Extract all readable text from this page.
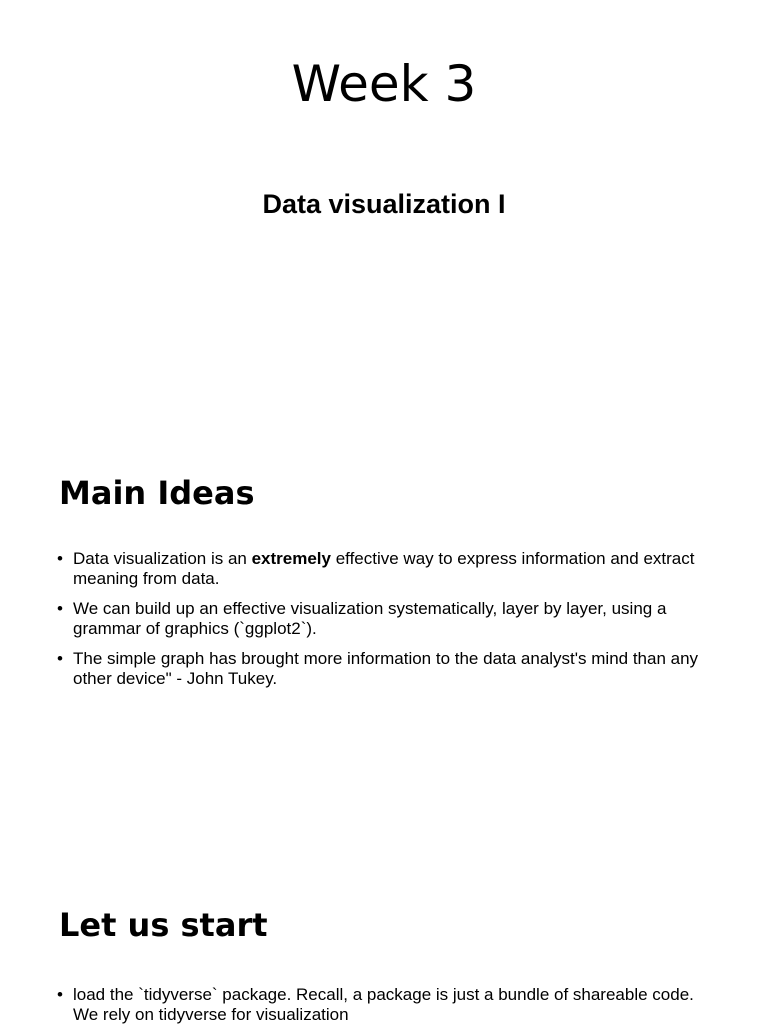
Week 3
Data visualization I
Main Ideas
• Data visualization is an extremely effective way to express information and extract meaning from data.
• We can build up an effective visualization systematically, layer by layer, using a grammar of graphics (`ggplot2`).
• The simple graph has brought more information to the data analyst's mind than any other device" - John Tukey.
Let us start
• load the `tidyverse` package. Recall, a package is just a bundle of shareable code. We rely on tidyverse for visualization
